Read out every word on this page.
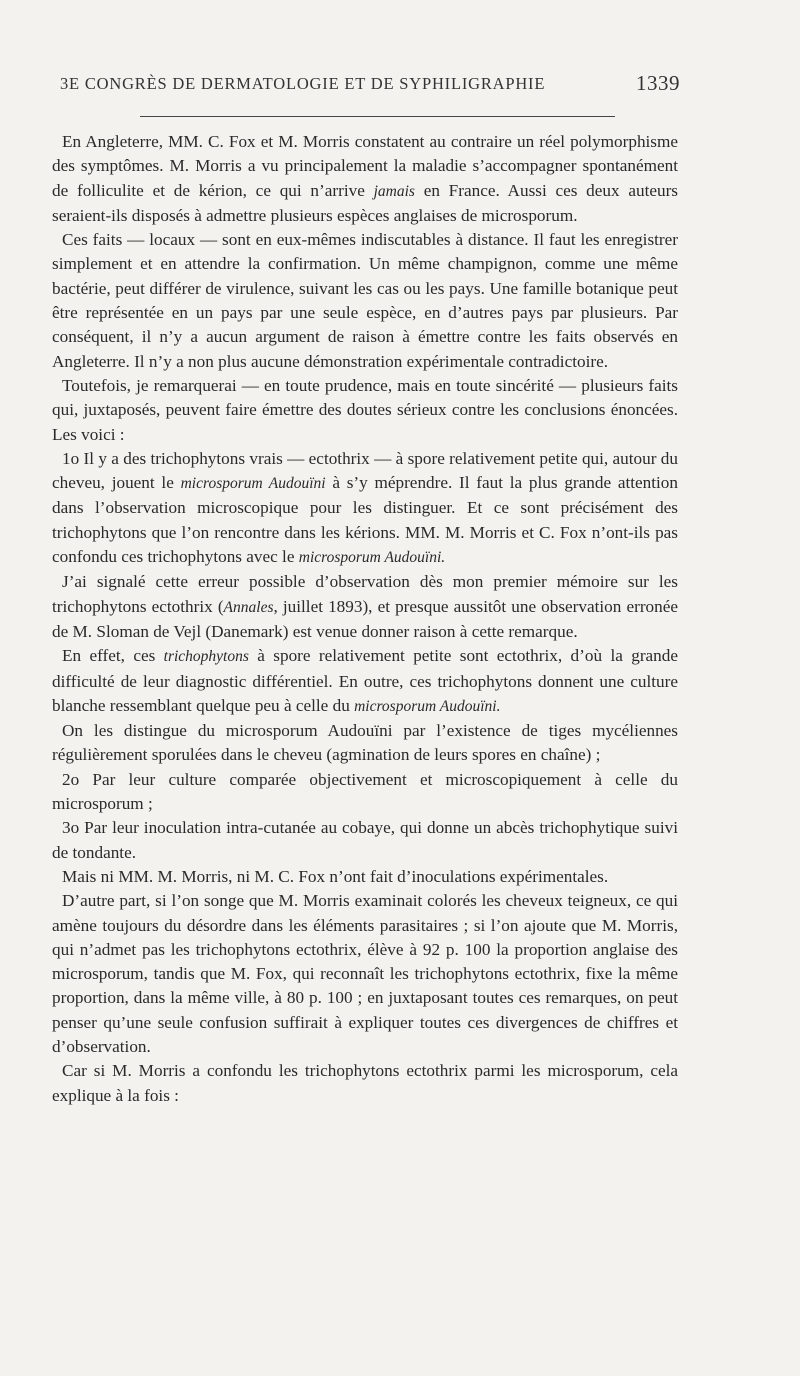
3E CONGRÈS DE DERMATOLOGIE ET DE SYPHILIGRAPHIE	1339

En Angleterre, MM. C. Fox et M. Morris constatent au contraire un réel polymorphisme des symptômes. M. Morris a vu principalement la maladie s’accompagner spontanément de folliculite et de kérion, ce qui n’arrive jamais en France. Aussi ces deux auteurs seraient-ils disposés à admettre plusieurs espèces anglaises de microsporum.

Ces faits — locaux — sont en eux-mêmes indiscutables à distance. Il faut les enregistrer simplement et en attendre la confirmation. Un même champignon, comme une même bactérie, peut différer de virulence, suivant les cas ou les pays. Une famille botanique peut être représentée en un pays par une seule espèce, en d’autres pays par plusieurs. Par conséquent, il n’y a aucun argument de raison à émettre contre les faits observés en Angleterre. Il n’y a non plus aucune démonstration expérimentale contradictoire.

Toutefois, je remarquerai — en toute prudence, mais en toute sincérité — plusieurs faits qui, juxtaposés, peuvent faire émettre des doutes sérieux contre les conclusions énoncées. Les voici :

1o Il y a des trichophytons vrais — ectothrix — à spore relativement petite qui, autour du cheveu, jouent le microsporum Audouïni à s’y méprendre. Il faut la plus grande attention dans l’observation microscopique pour les distinguer. Et ce sont précisément des trichophytons que l’on rencontre dans les kérions. MM. M. Morris et C. Fox n’ont-ils pas confondu ces trichophytons avec le microsporum Audouïni.

J’ai signalé cette erreur possible d’observation dès mon premier mémoire sur les trichophytons ectothrix (Annales, juillet 1893), et presque aussitôt une observation erronée de M. Sloman de Vejl (Danemark) est venue donner raison à cette remarque.

En effet, ces trichophytons à spore relativement petite sont ectothrix, d’où la grande difficulté de leur diagnostic différentiel. En outre, ces trichophytons donnent une culture blanche ressemblant quelque peu à celle du microsporum Audouïni.

On les distingue du microsporum Audouïni par l’existence de tiges mycéliennes régulièrement sporulées dans le cheveu (agmination de leurs spores en chaîne) ;

2o Par leur culture comparée objectivement et microscopiquement à celle du microsporum ;

3o Par leur inoculation intra-cutanée au cobaye, qui donne un abcès trichophytique suivi de tondante.

Mais ni MM. M. Morris, ni M. C. Fox n’ont fait d’inoculations expérimentales.

D’autre part, si l’on songe que M. Morris examinait colorés les cheveux teigneux, ce qui amène toujours du désordre dans les éléments parasitaires ; si l’on ajoute que M. Morris, qui n’admet pas les trichophytons ectothrix, élève à 92 p. 100 la proportion anglaise des microsporum, tandis que M. Fox, qui reconnaît les trichophytons ectothrix, fixe la même proportion, dans la même ville, à 80 p. 100 ; en juxtaposant toutes ces remarques, on peut penser qu’une seule confusion suffirait à expliquer toutes ces divergences de chiffres et d’observation.

Car si M. Morris a confondu les trichophytons ectothrix parmi les microsporum, cela explique à la fois :
